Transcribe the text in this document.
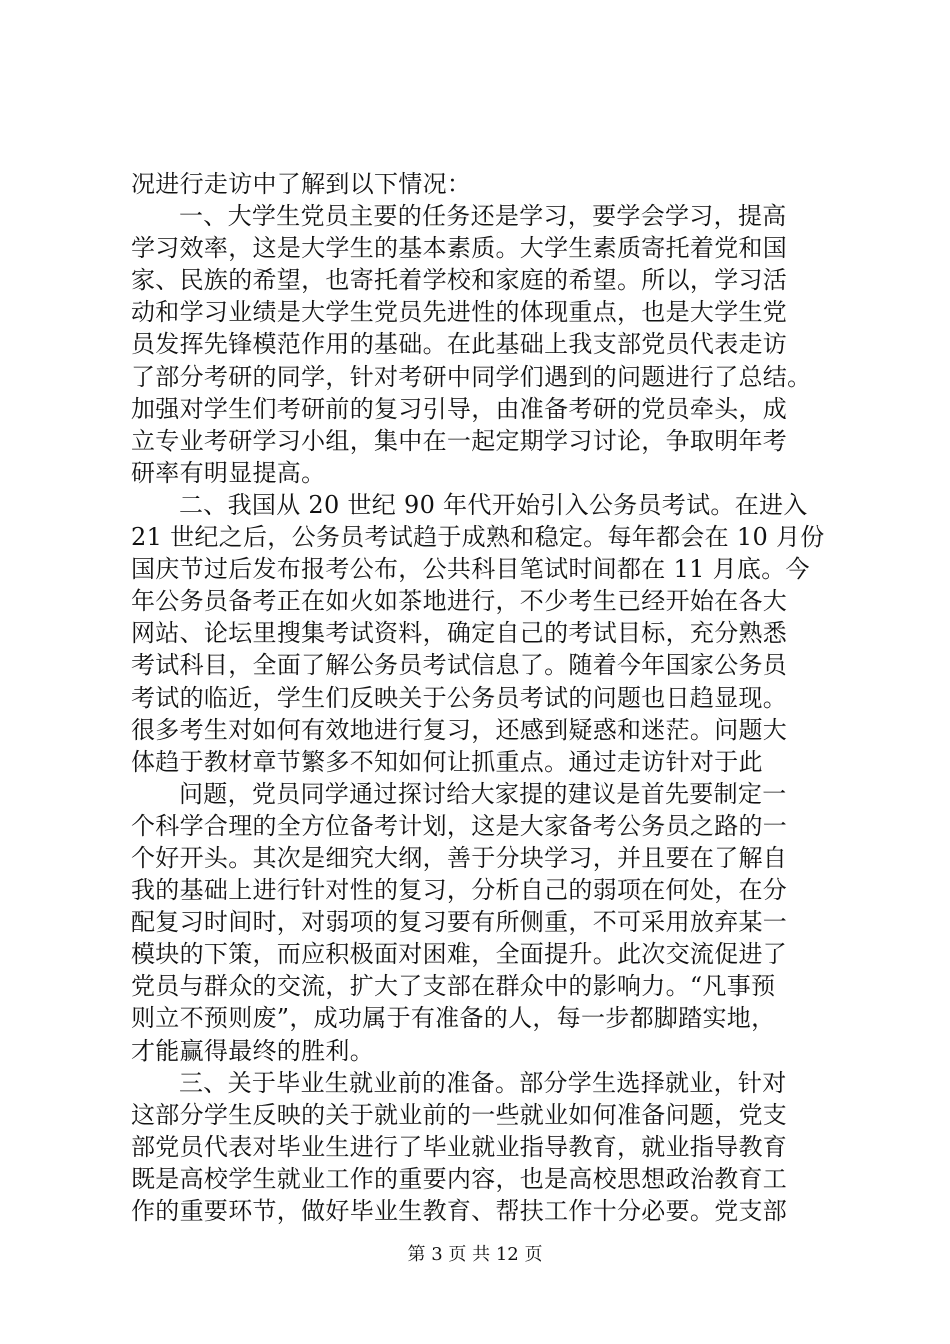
况进行走访中了解到以下情况：
一、大学生党员主要的任务还是学习，要学会学习，提高
学习效率，这是大学生的基本素质。大学生素质寄托着党和国
家、民族的希望，也寄托着学校和家庭的希望。所以，学习活
动和学习业绩是大学生党员先进性的体现重点，也是大学生党
员发挥先锋模范作用的基础。在此基础上我支部党员代表走访
了部分考研的同学，针对考研中同学们遇到的问题进行了总结。
加强对学生们考研前的复习引导，由准备考研的党员牵头，成
立专业考研学习小组，集中在一起定期学习讨论，争取明年考
研率有明显提高。
二、我国从 20 世纪 90 年代开始引入公务员考试。在进入
21 世纪之后，公务员考试趋于成熟和稳定。每年都会在 10 月份
国庆节过后发布报考公布，公共科目笔试时间都在 11 月底。今
年公务员备考正在如火如茶地进行，不少考生已经开始在各大
网站、论坛里搜集考试资料，确定自己的考试目标，充分熟悉
考试科目，全面了解公务员考试信息了。随着今年国家公务员
考试的临近，学生们反映关于公务员考试的问题也日趋显现。
很多考生对如何有效地进行复习，还感到疑惑和迷茫。问题大
体趋于教材章节繁多不知如何让抓重点。通过走访针对于此
问题，党员同学通过探讨给大家提的建议是首先要制定一
个科学合理的全方位备考计划，这是大家备考公务员之路的一
个好开头。其次是细究大纲，善于分块学习，并且要在了解自
我的基础上进行针对性的复习，分析自己的弱项在何处，在分
配复习时间时，对弱项的复习要有所侧重，不可采用放弃某一
模块的下策，而应积极面对困难，全面提升。此次交流促进了
党员与群众的交流，扩大了支部在群众中的影响力。“凡事预
则立不预则废”，成功属于有准备的人，每一步都脚踏实地，
才能赢得最终的胜利。
三、关于毕业生就业前的准备。部分学生选择就业，针对
这部分学生反映的关于就业前的一些就业如何准备问题，党支
部党员代表对毕业生进行了毕业就业指导教育，就业指导教育
既是高校学生就业工作的重要内容，也是高校思想政治教育工
作的重要环节，做好毕业生教育、帮扶工作十分必要。党支部
第 3 页 共 12 页
